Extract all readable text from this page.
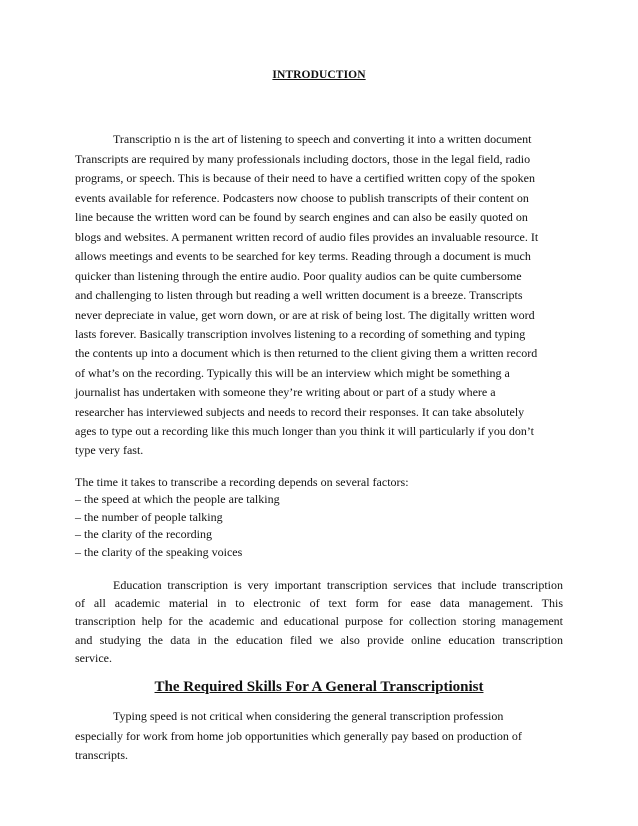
INTRODUCTION
Transcriptio n is the art of listening to speech and converting it into a written document
Transcripts are required by many professionals including doctors, those in the legal field, radio
programs, or speech. This is because of their need to have a certified written copy of the spoken
events available for reference. Podcasters now choose to publish transcripts of their content on
line because the written word can be found by search engines and can also be easily quoted on
blogs and websites. A permanent written record of audio files provides an invaluable resource. It
allows meetings and events to be searched for key terms. Reading through a document is much
quicker than listening through the entire audio. Poor quality audios can be quite cumbersome
and challenging to listen through but reading a well written document is a breeze. Transcripts
never depreciate in value, get worn down, or are at risk of being lost. The digitally written word
lasts forever. Basically transcription involves listening to a recording of something and typing
the contents up into a document which is then returned to the client giving them a written record
of what’s on the recording. Typically this will be an interview which might be something a
journalist has undertaken with someone they’re writing about or part of a study where a
researcher has interviewed subjects and needs to record their responses. It can take absolutely
ages to type out a recording like this much longer than you think it will particularly if you don’t
type very fast.
The time it takes to transcribe a recording depends on several factors:
– the speed at which the people are talking
– the number of people talking
– the clarity of the recording
– the clarity of the speaking voices
Education transcription is very important transcription services that include transcription
of all academic material in to electronic of text form for ease data management. This
transcription help for the academic and educational purpose for collection storing management
and studying the data in the education filed we also provide online education transcription
service.
The Required Skills For A General Transcriptionist
Typing speed is not critical when considering the general transcription profession
especially for work from home job opportunities which generally pay based on production of
transcripts.
